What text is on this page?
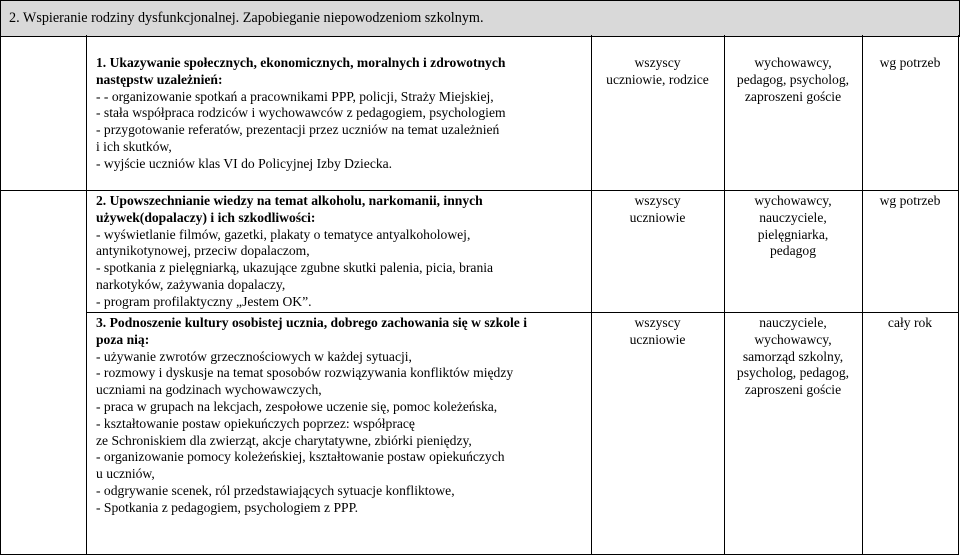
2. Wspieranie rodziny dysfunkcjonalnej. Zapobieganie niepowodzeniom szkolnym.
1. Ukazywanie społecznych, ekonomicznych, moralnych i zdrowotnych
następstw uzależnień:
- - organizowanie spotkań a pracownikami PPP, policji, Straży Miejskiej,
- stała współpraca rodziców i wychowawców z pedagogiem, psychologiem
- przygotowanie referatów, prezentacji przez uczniów na temat uzależnień
i ich skutków,
- wyjście uczniów klas VI do Policyjnej Izby Dziecka.
wszyscy
uczniowie, rodzice
wychowawcy,
pedagog, psycholog,
zaproszeni goście
wg potrzeb
2. Upowszechnianie wiedzy na temat alkoholu, narkomanii, innych
używek(dopalaczy) i ich szkodliwości:
- wyświetlanie filmów, gazetki, plakaty o tematyce antyalkoholowej,
antynikotynowej, przeciw dopalaczom,
- spotkania z pielęgniarką, ukazujące zgubne skutki palenia, picia, brania
narkotyków, zażywania dopalaczy,
- program profilaktyczny „Jestem OK”.
wszyscy
uczniowie
wychowawcy,
nauczyciele,
pielęgniarka,
pedagog
wg potrzeb
3. Podnoszenie kultury osobistej ucznia, dobrego zachowania się w szkole i
poza nią:
- używanie zwrotów grzecznościowych w każdej sytuacji,
- rozmowy i dyskusje na temat sposobów rozwiązywania konfliktów między
uczniami na godzinach wychowawczych,
- praca w grupach na lekcjach, zespołowe uczenie się, pomoc koleżeńska,
- kształtowanie postaw opiekuńczych poprzez: współpracę
ze Schroniskiem dla zwierząt, akcje charytatywne, zbiórki pieniędzy,
- organizowanie pomocy koleżeńskiej, kształtowanie postaw opiekuńczych
u uczniów,
- odgrywanie scenek, ról przedstawiających sytuacje konfliktowe,
- Spotkania z pedagogiem, psychologiem z PPP.
wszyscy
uczniowie
nauczyciele,
wychowawcy,
samorząd szkolny,
psycholog, pedagog,
zaproszeni goście
cały rok
